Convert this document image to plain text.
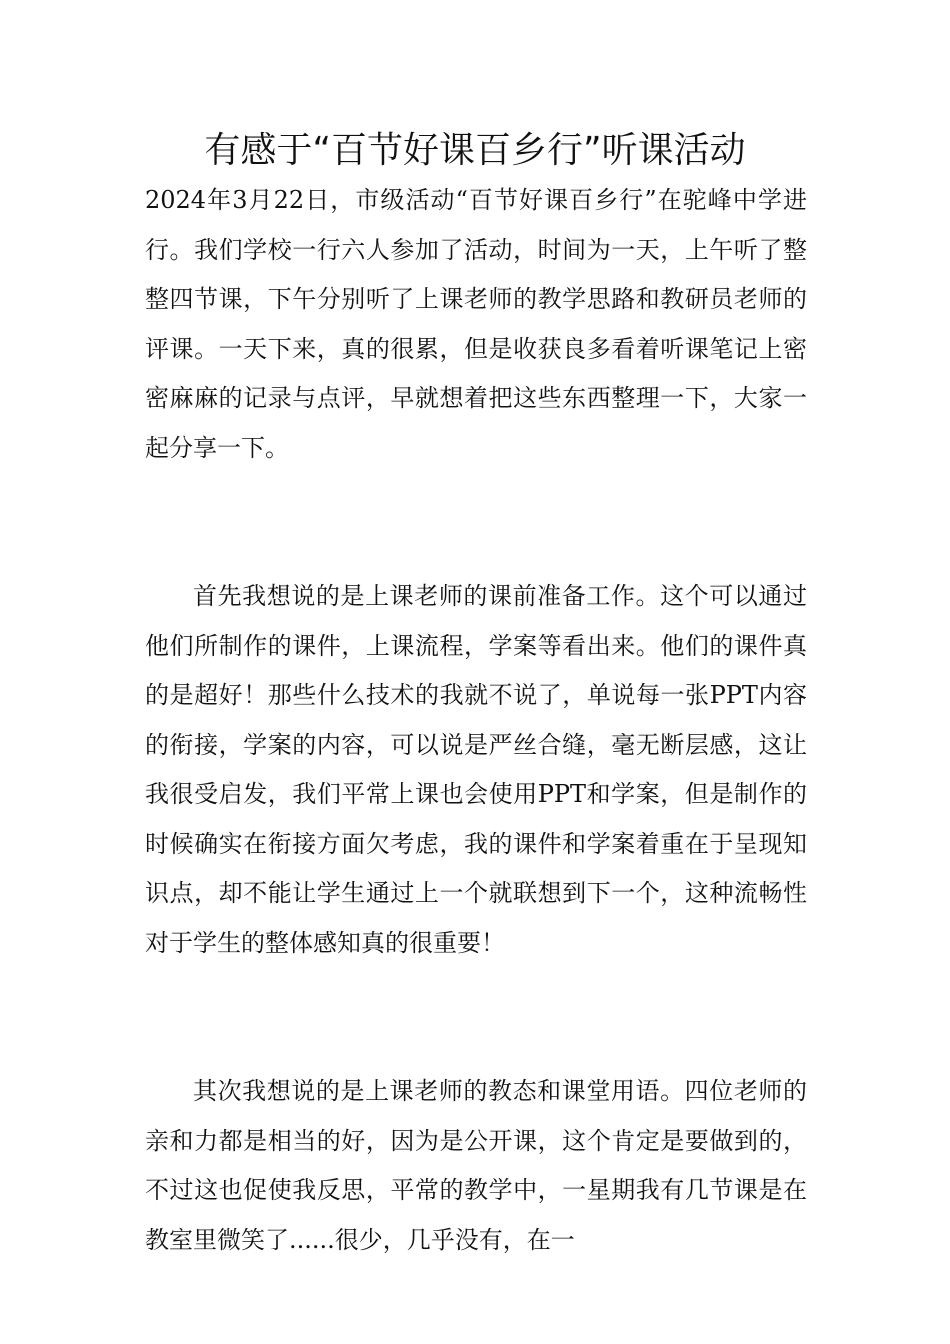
有感于“百节好课百乡行”听课活动

2024年3月22日，市级活动“百节好课百乡行”在驼峰中学进行。我们学校一行六人参加了活动，时间为一天，上午听了整整四节课，下午分别听了上课老师的教学思路和教研员老师的评课。一天下来，真的很累，但是收获良多看着听课笔记上密密麻麻的记录与点评，早就想着把这些东西整理一下，大家一起分享一下。

首先我想说的是上课老师的课前准备工作。这个可以通过他们所制作的课件，上课流程，学案等看出来。他们的课件真的是超好！那些什么技术的我就不说了，单说每一张PPT内容的衔接，学案的内容，可以说是严丝合缝，毫无断层感，这让我很受启发，我们平常上课也会使用PPT和学案，但是制作的时候确实在衔接方面欠考虑，我的课件和学案着重在于呈现知识点，却不能让学生通过上一个就联想到下一个，这种流畅性对于学生的整体感知真的很重要！

其次我想说的是上课老师的教态和课堂用语。四位老师的亲和力都是相当的好，因为是公开课，这个肯定是要做到的，不过这也促使我反思，平常的教学中，一星期我有几节课是在教室里微笑了......很少，几乎没有，在一
